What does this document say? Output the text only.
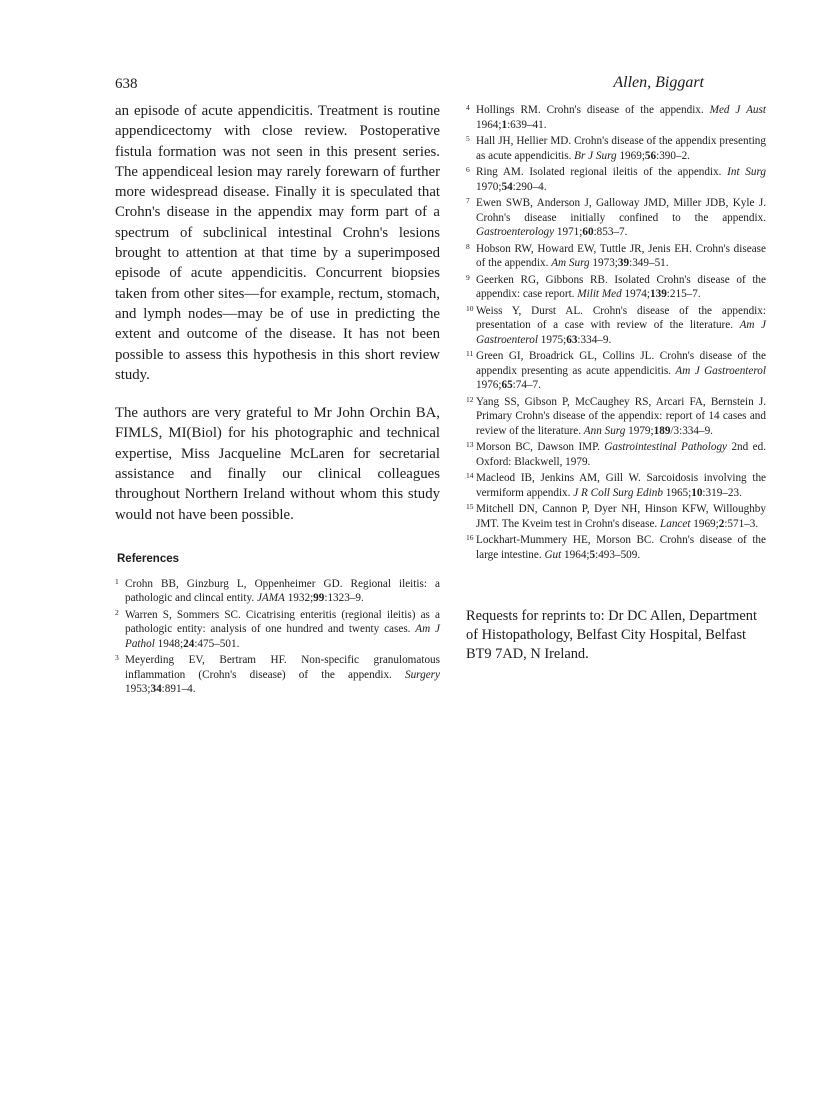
638	Allen, Biggart

an episode of acute appendicitis. Treatment is routine appendicectomy with close review. Postoperative fistula formation was not seen in this present series. The appendiceal lesion may rarely forewarn of further more widespread disease. Finally it is speculated that Crohn's disease in the appendix may form part of a spectrum of subclinical intestinal Crohn's lesions brought to attention at that time by a superimposed episode of acute appendicitis. Concurrent biopsies taken from other sites—for example, rectum, stomach, and lymph nodes—may be of use in predicting the extent and outcome of the disease. It has not been possible to assess this hypothesis in this short review study.

The authors are very grateful to Mr John Orchin BA, FIMLS, MI(Biol) for his photographic and technical expertise, Miss Jacqueline McLaren for secretarial assistance and finally our clinical colleagues throughout Northern Ireland without whom this study would not have been possible.

References

1 Crohn BB, Ginzburg L, Oppenheimer GD. Regional ileitis: a pathologic and clincal entity. JAMA 1932;99:1323–9.

2 Warren S, Sommers SC. Cicatrising enteritis (regional ileitis) as a pathologic entity: analysis of one hundred and twenty cases. Am J Pathol 1948;24:475–501.

3 Meyerding EV, Bertram HF. Non-specific granulomatous inflammation (Crohn's disease) of the appendix. Surgery 1953;34:891–4.

4 Hollings RM. Crohn's disease of the appendix. Med J Aust 1964;1:639–41.

5 Hall JH, Hellier MD. Crohn's disease of the appendix presenting as acute appendicitis. Br J Surg 1969;56:390–2.

6 Ring AM. Isolated regional ileitis of the appendix. Int Surg 1970;54:290–4.

7 Ewen SWB, Anderson J, Galloway JMD, Miller JDB, Kyle J. Crohn's disease initially confined to the appendix. Gastroenterology 1971;60:853–7.

8 Hobson RW, Howard EW, Tuttle JR, Jenis EH. Crohn's disease of the appendix. Am Surg 1973;39:349–51.

9 Geerken RG, Gibbons RB. Isolated Crohn's disease of the appendix: case report. Milit Med 1974;139:215–7.

10 Weiss Y, Durst AL. Crohn's disease of the appendix: presentation of a case with review of the literature. Am J Gastroenterol 1975;63:334–9.

11 Green GI, Broadrick GL, Collins JL. Crohn's disease of the appendix presenting as acute appendicitis. Am J Gastroenterol 1976;65:74–7.

12 Yang SS, Gibson P, McCaughey RS, Arcari FA, Bernstein J. Primary Crohn's disease of the appendix: report of 14 cases and review of the literature. Ann Surg 1979;189/3:334–9.

13 Morson BC, Dawson IMP. Gastrointestinal Pathology 2nd ed. Oxford: Blackwell, 1979.

14 Macleod IB, Jenkins AM, Gill W. Sarcoidosis involving the vermiform appendix. J R Coll Surg Edinb 1965;10:319–23.

15 Mitchell DN, Cannon P, Dyer NH, Hinson KFW, Willoughby JMT. The Kveim test in Crohn's disease. Lancet 1969;2:571–3.

16 Lockhart-Mummery HE, Morson BC. Crohn's disease of the large intestine. Gut 1964;5:493–509.

Requests for reprints to: Dr DC Allen, Department of Histopathology, Belfast City Hospital, Belfast BT9 7AD, N Ireland.
